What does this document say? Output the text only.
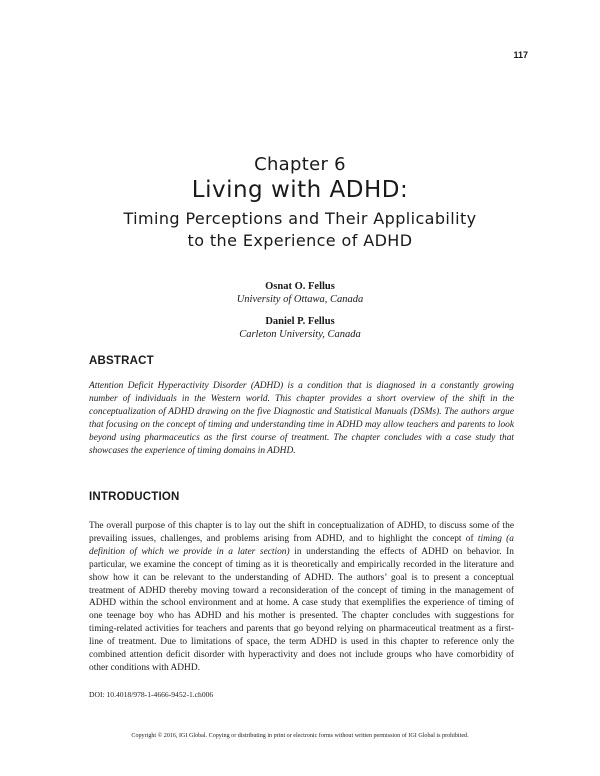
117
Chapter 6
Living with ADHD:
Timing Perceptions and Their Applicability
to the Experience of ADHD
Osnat O. Fellus
University of Ottawa, Canada
Daniel P. Fellus
Carleton University, Canada
ABSTRACT
Attention Deficit Hyperactivity Disorder (ADHD) is a condition that is diagnosed in a constantly growing number of individuals in the Western world. This chapter provides a short overview of the shift in the conceptualization of ADHD drawing on the five Diagnostic and Statistical Manuals (DSMs). The authors argue that focusing on the concept of timing and understanding time in ADHD may allow teachers and parents to look beyond using pharmaceutics as the first course of treatment. The chapter concludes with a case study that showcases the experience of timing domains in ADHD.
INTRODUCTION
The overall purpose of this chapter is to lay out the shift in conceptualization of ADHD, to discuss some of the prevailing issues, challenges, and problems arising from ADHD, and to highlight the concept of timing (a definition of which we provide in a later section) in understanding the effects of ADHD on behavior. In particular, we examine the concept of timing as it is theoretically and empirically recorded in the literature and show how it can be relevant to the understanding of ADHD. The authors’ goal is to present a conceptual treatment of ADHD thereby moving toward a reconsideration of the concept of timing in the management of ADHD within the school environment and at home. A case study that exemplifies the experience of timing of one teenage boy who has ADHD and his mother is presented. The chapter concludes with suggestions for timing-related activities for teachers and parents that go beyond relying on pharmaceutical treatment as a first-line of treatment. Due to limitations of space, the term ADHD is used in this chapter to reference only the combined attention deficit disorder with hyperactivity and does not include groups who have comorbidity of other conditions with ADHD.
DOI: 10.4018/978-1-4666-9452-1.ch006
Copyright © 2016, IGI Global. Copying or distributing in print or electronic forms without written permission of IGI Global is prohibited.
